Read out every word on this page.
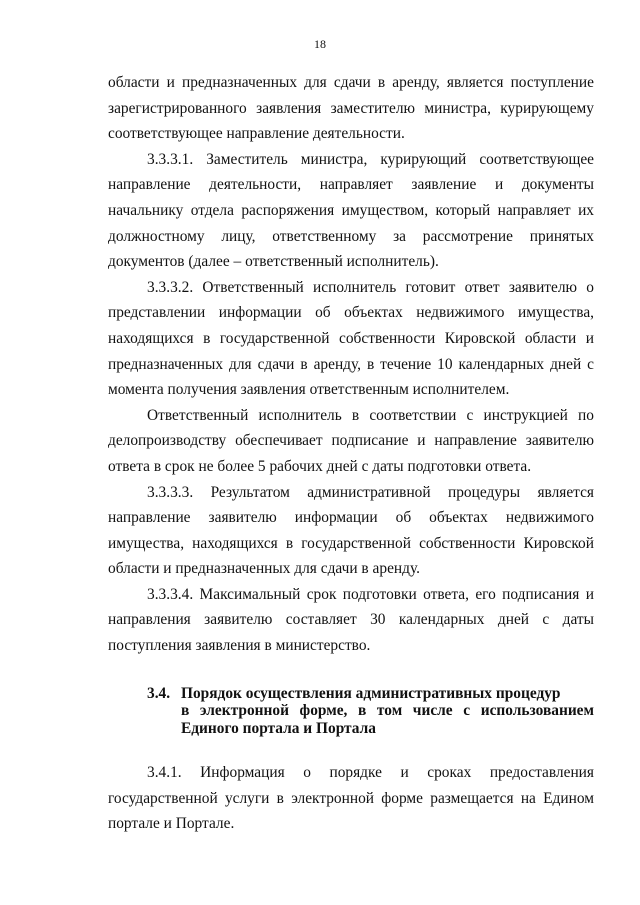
18

области и предназначенных для сдачи в аренду, является поступление зарегистрированного заявления заместителю министра, курирующему соответствующее направление деятельности.

3.3.3.1. Заместитель министра, курирующий соответствующее направление деятельности, направляет заявление и документы начальнику отдела распоряжения имуществом, который направляет их должностному лицу, ответственному за рассмотрение принятых документов (далее – ответственный исполнитель).

3.3.3.2. Ответственный исполнитель готовит ответ заявителю о представлении информации об объектах недвижимого имущества, находящихся в государственной собственности Кировской области и предназначенных для сдачи в аренду, в течение 10 календарных дней с момента получения заявления ответственным исполнителем.

Ответственный исполнитель в соответствии с инструкцией по делопроизводству обеспечивает подписание и направление заявителю ответа в срок не более 5 рабочих дней с даты подготовки ответа.

3.3.3.3. Результатом административной процедуры является направление заявителю информации об объектах недвижимого имущества, находящихся в государственной собственности Кировской области и предназначенных для сдачи в аренду.

3.3.3.4. Максимальный срок подготовки ответа, его подписания и направления заявителю составляет 30 календарных дней с даты поступления заявления в министерство.

3.4. Порядок осуществления административных процедур
в электронной форме, в том числе с использованием Единого портала и Портала

3.4.1. Информация о порядке и сроках предоставления государственной услуги в электронной форме размещается на Едином портале и Портале.
